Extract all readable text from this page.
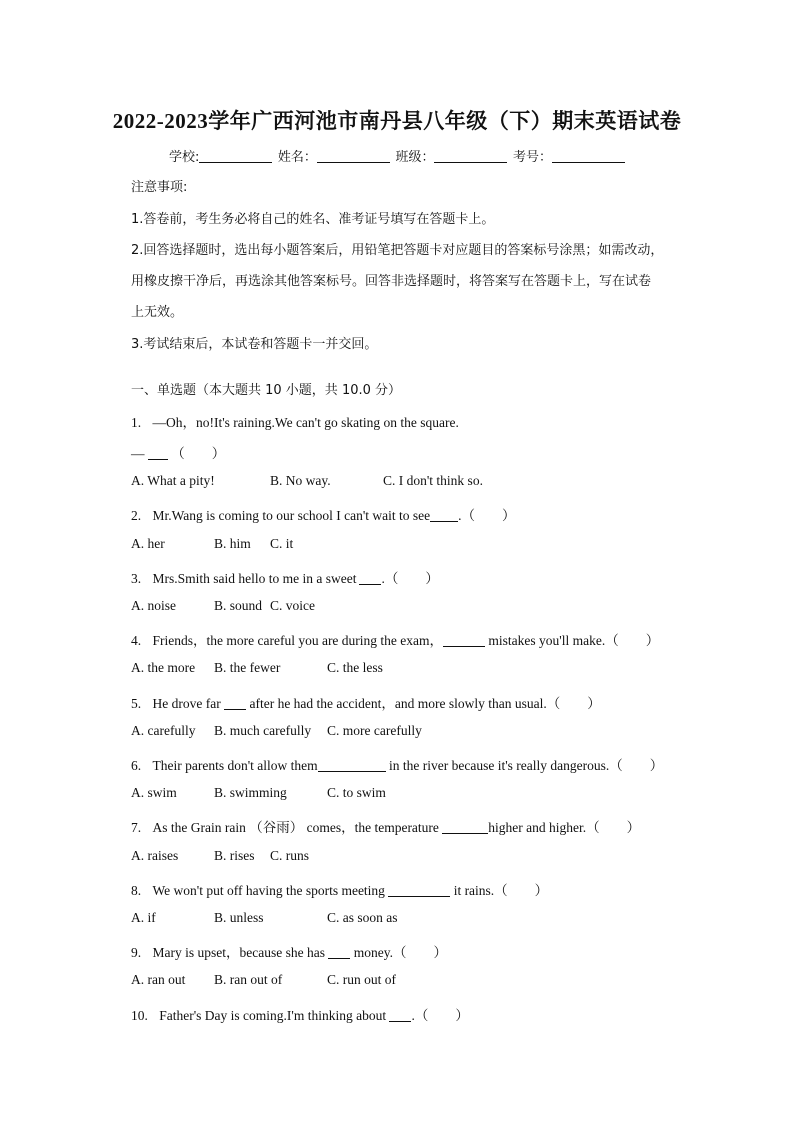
2022-2023学年广西河池市南丹县八年级（下）期末英语试卷
学校:	姓名：	班级：	考号：
注意事项:
1.答卷前，考生务必将自己的姓名、准考证号填写在答题卡上。
2.回答选择题时，选出每小题答案后，用铅笔把答题卡对应题目的答案标号涂黑；如需改动，
用橡皮擦干净后，再选涂其他答案标号。回答非选择题时，将答案写在答题卡上，写在试卷
上无效。
3.考试结束后，本试卷和答题卡一并交回。
一、单选题（本大题共 10 小题，共 10.0 分）
1. —Oh，no!It's raining.We can't go skating on the square.
— （　　）
A. What a pity!	B. No way.	C. I don't think so.
2. Mr.Wang is coming to our school I can't wait to see .（　　）
A. her	B. him C. it
3. Mrs.Smith said hello to me in a sweet .（　　）
A. noise	B. sound C. voice
4. Friends，the more careful you are during the exam，	mistakes you'll make.（　　）
A. the more B. the fewer	C. the less
5. He drove far after he had the accident，and more slowly than usual.（　　）
A. carefully B. much carefully C. more carefully
6. Their parents don't allow them	in the river because it's really dangerous.（　　）
A. swim	B. swimming	C. to swim
7. As the Grain rain （谷雨） comes，the temperature	higher and higher.（　　）
A. raises	B. rises C. runs
8. We won't put off having the sports meeting	it rains.（　　）
A. if	B. unless	C. as soon as
9. Mary is upset，because she has money.（　　）
A. ran out B. ran out of	C. run out of
10. Father's Day is coming.I'm thinking about .（　　）
